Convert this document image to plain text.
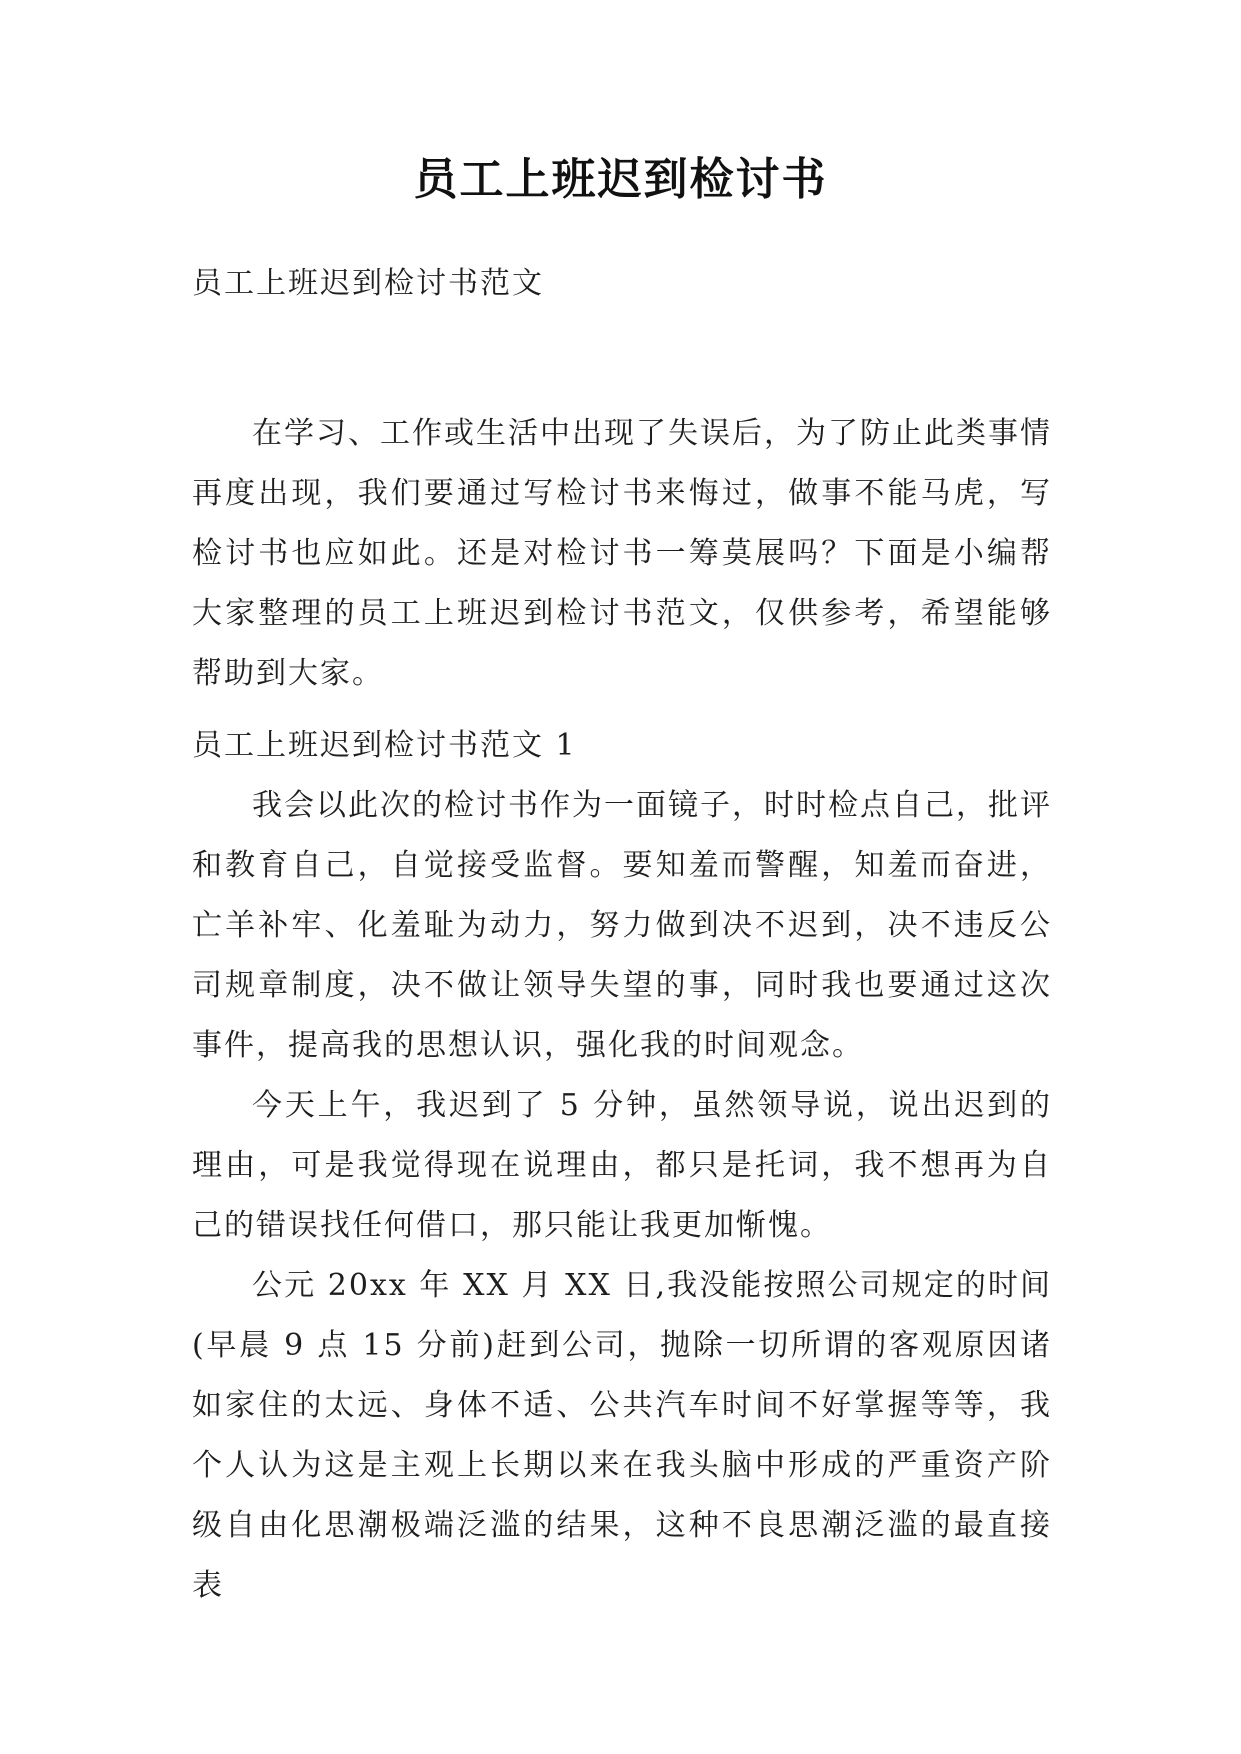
员工上班迟到检讨书
员工上班迟到检讨书范文

在学习、工作或生活中出现了失误后，为了防止此类事情再度出现，我们要通过写检讨书来悔过，做事不能马虎，写检讨书也应如此。还是对检讨书一筹莫展吗？下面是小编帮大家整理的员工上班迟到检讨书范文，仅供参考，希望能够帮助到大家。

员工上班迟到检讨书范文 1

我会以此次的检讨书作为一面镜子，时时检点自己，批评和教育自己，自觉接受监督。要知羞而警醒，知羞而奋进，亡羊补牢、化羞耻为动力，努力做到决不迟到，决不违反公司规章制度，决不做让领导失望的事，同时我也要通过这次事件，提高我的思想认识，强化我的时间观念。

今天上午，我迟到了 5 分钟，虽然领导说，说出迟到的理由，可是我觉得现在说理由，都只是托词，我不想再为自己的错误找任何借口，那只能让我更加惭愧。

公元 20xx 年 XX 月 XX 日,我没能按照公司规定的时间(早晨 9 点 15 分前)赶到公司，抛除一切所谓的客观原因诸如家住的太远、身体不适、公共汽车时间不好掌握等等，我个人认为这是主观上长期以来在我头脑中形成的严重资产阶级自由化思潮极端泛滥的结果，这种不良思潮泛滥的最直接表
